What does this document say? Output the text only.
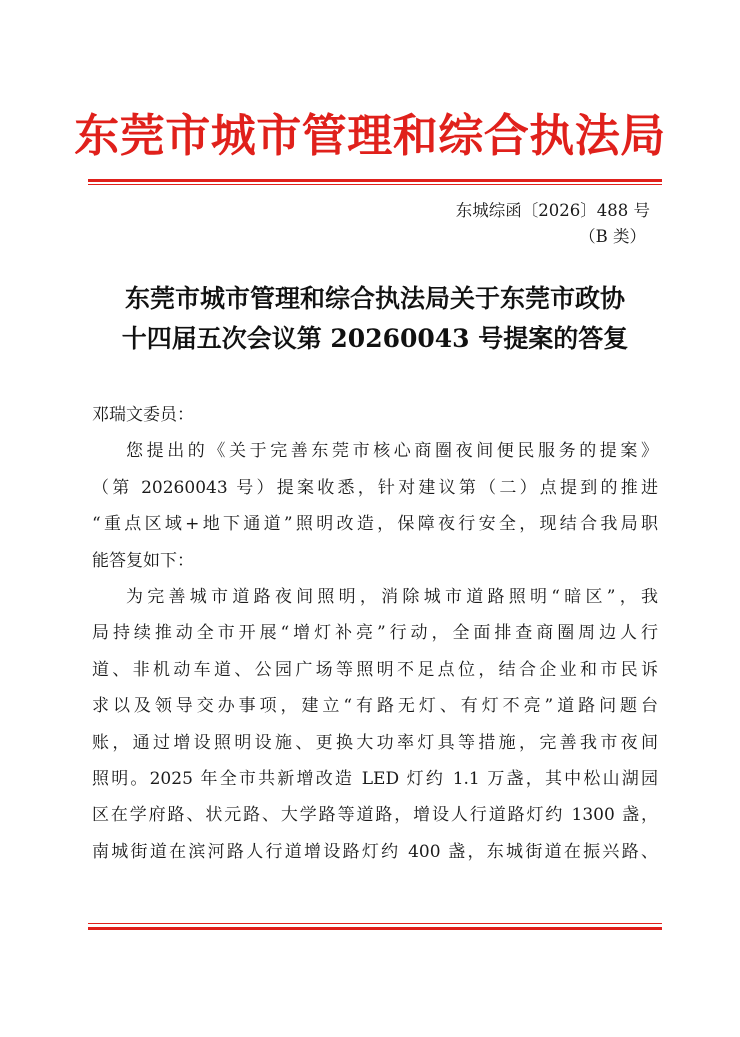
东莞市城市管理和综合执法局
东城综函〔2026〕488 号
（B 类）
东莞市城市管理和综合执法局关于东莞市政协
十四届五次会议第 20260043 号提案的答复

邓瑞文委员：

您提出的《关于完善东莞市核心商圈夜间便民服务的提案》

（第 20260043 号）提案收悉，针对建议第（二）点提到的推进

“重点区域+地下通道”照明改造，保障夜行安全，现结合我局职

能答复如下：

为完善城市道路夜间照明，消除城市道路照明“暗区”，我

局持续推动全市开展“增灯补亮”行动，全面排查商圈周边人行

道、非机动车道、公园广场等照明不足点位，结合企业和市民诉

求以及领导交办事项，建立“有路无灯、有灯不亮”道路问题台

账，通过增设照明设施、更换大功率灯具等措施，完善我市夜间

照明。2025 年全市共新增改造 LED 灯约 1.1 万盏，其中松山湖园

区在学府路、状元路、大学路等道路，增设人行道路灯约 1300 盏，

南城街道在滨河路人行道增设路灯约 400 盏，东城街道在振兴路、
